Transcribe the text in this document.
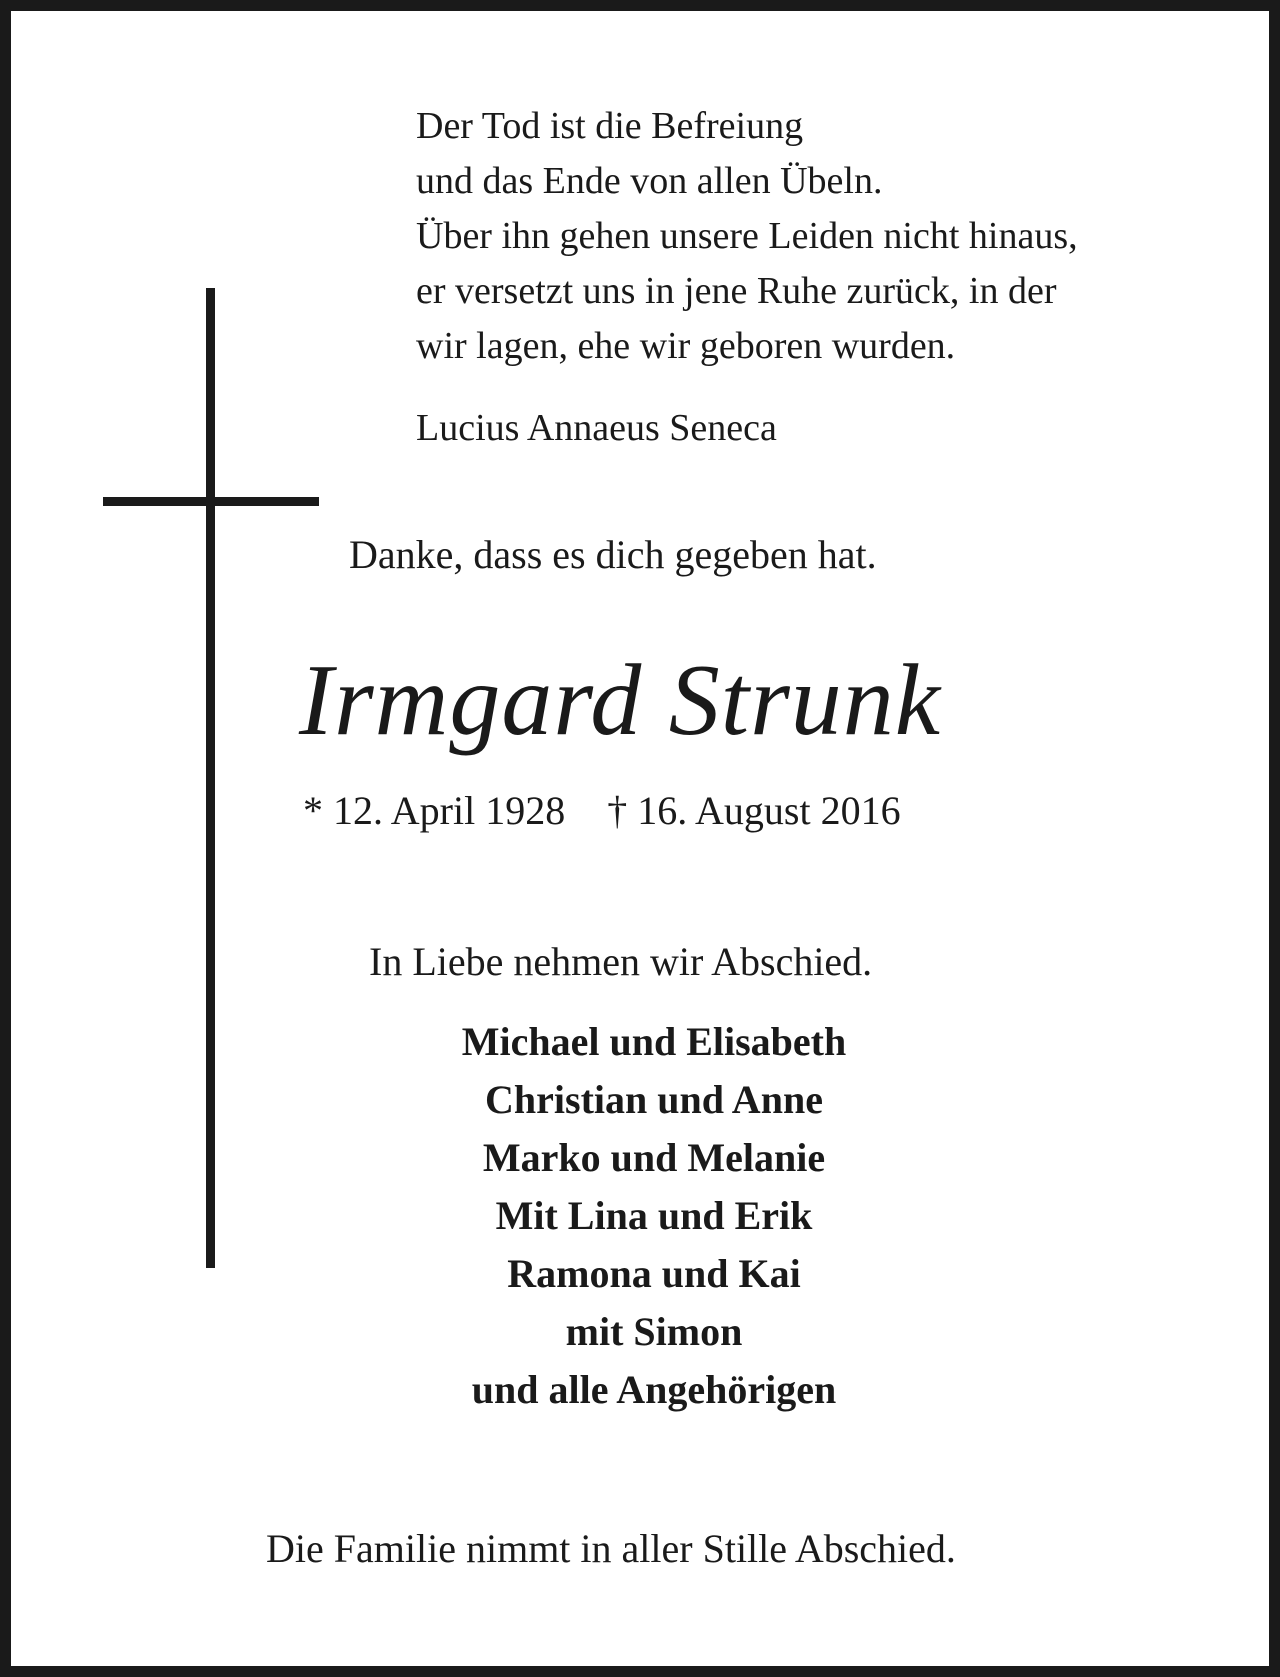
Der Tod ist die Befreiung
und das Ende von allen Übeln.
Über ihn gehen unsere Leiden nicht hinaus,
er versetzt uns in jene Ruhe zurück, in der
wir lagen, ehe wir geboren wurden.

Lucius Annaeus Seneca

Danke, dass es dich gegeben hat.

Irmgard Strunk

* 12. April 1928 † 16. August 2016

In Liebe nehmen wir Abschied.

Michael und Elisabeth
Christian und Anne
Marko und Melanie
Mit Lina und Erik
Ramona und Kai
mit Simon
und alle Angehörigen

Die Familie nimmt in aller Stille Abschied.
